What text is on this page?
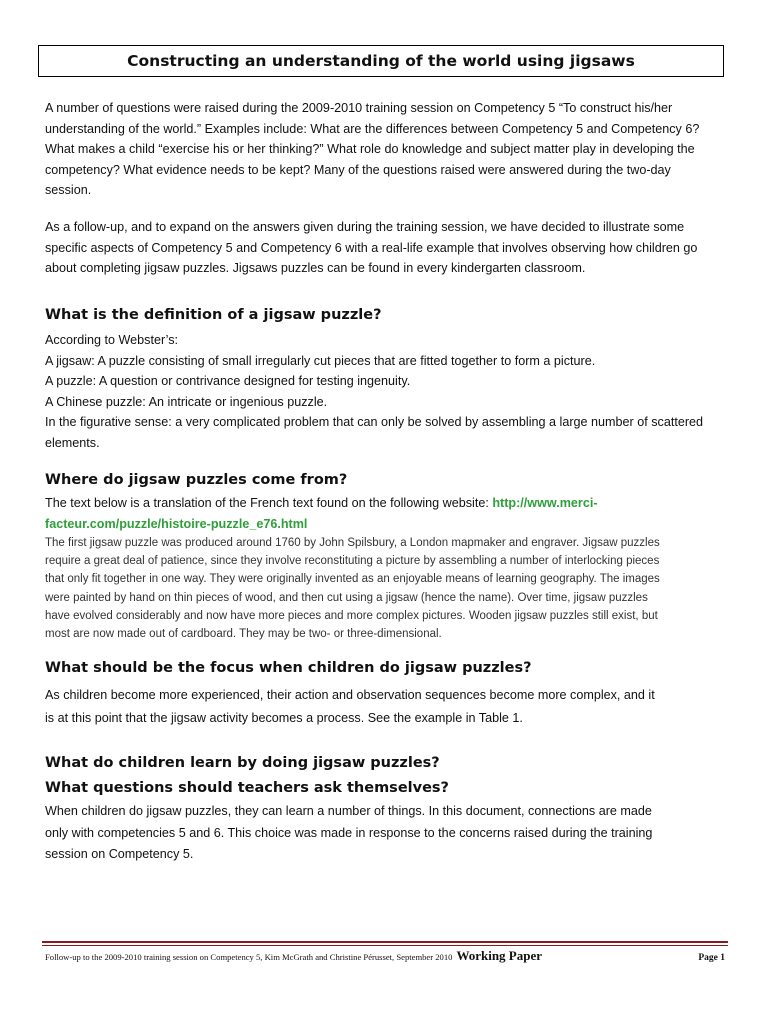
Constructing an understanding of the world using jigsaws

A number of questions were raised during the 2009-2010 training session on Competency 5 “To construct his/her

understanding of the world.” Examples include: What are the differences between Competency 5 and Competency 6?

What makes a child “exercise his or her thinking?” What role do knowledge and subject matter play in developing the

competency? What evidence needs to be kept? Many of the questions raised were answered during the two-day

session.

As a follow-up, and to expand on the answers given during the training session, we have decided to illustrate some

specific aspects of Competency 5 and Competency 6 with a real-life example that involves observing how children go

about completing jigsaw puzzles. Jigsaws puzzles can be found in every kindergarten classroom.

What is the definition of a jigsaw puzzle?

According to Webster’s:

A jigsaw: A puzzle consisting of small irregularly cut pieces that are fitted together to form a picture.

A puzzle: A question or contrivance designed for testing ingenuity.

A Chinese puzzle: An intricate or ingenious puzzle.

In the figurative sense: a very complicated problem that can only be solved by assembling a large number of scattered

elements.

Where do jigsaw puzzles come from?

The text below is a translation of the French text found on the following website: http://www.merci-

facteur.com/puzzle/histoire-puzzle_e76.html

The first jigsaw puzzle was produced around 1760 by John Spilsbury, a London mapmaker and engraver. Jigsaw puzzles

require a great deal of patience, since they involve reconstituting a picture by assembling a number of interlocking pieces

that only fit together in one way. They were originally invented as an enjoyable means of learning geography. The images

were painted by hand on thin pieces of wood, and then cut using a jigsaw (hence the name). Over time, jigsaw puzzles

have evolved considerably and now have more pieces and more complex pictures. Wooden jigsaw puzzles still exist, but

most are now made out of cardboard. They may be two- or three-dimensional.

What should be the focus when children do jigsaw puzzles?

As children become more experienced, their action and observation sequences become more complex, and it

is at this point that the jigsaw activity becomes a process. See the example in Table 1.

What do children learn by doing jigsaw puzzles?
What questions should teachers ask themselves?

When children do jigsaw puzzles, they can learn a number of things. In this document, connections are made

only with competencies 5 and 6. This choice was made in response to the concerns raised during the training

session on Competency 5.

Follow-up to the 2009-2010 training session on Competency 5, Kim McGrath and Christine Pérusset, September 2010 Working Paper	Page 1
